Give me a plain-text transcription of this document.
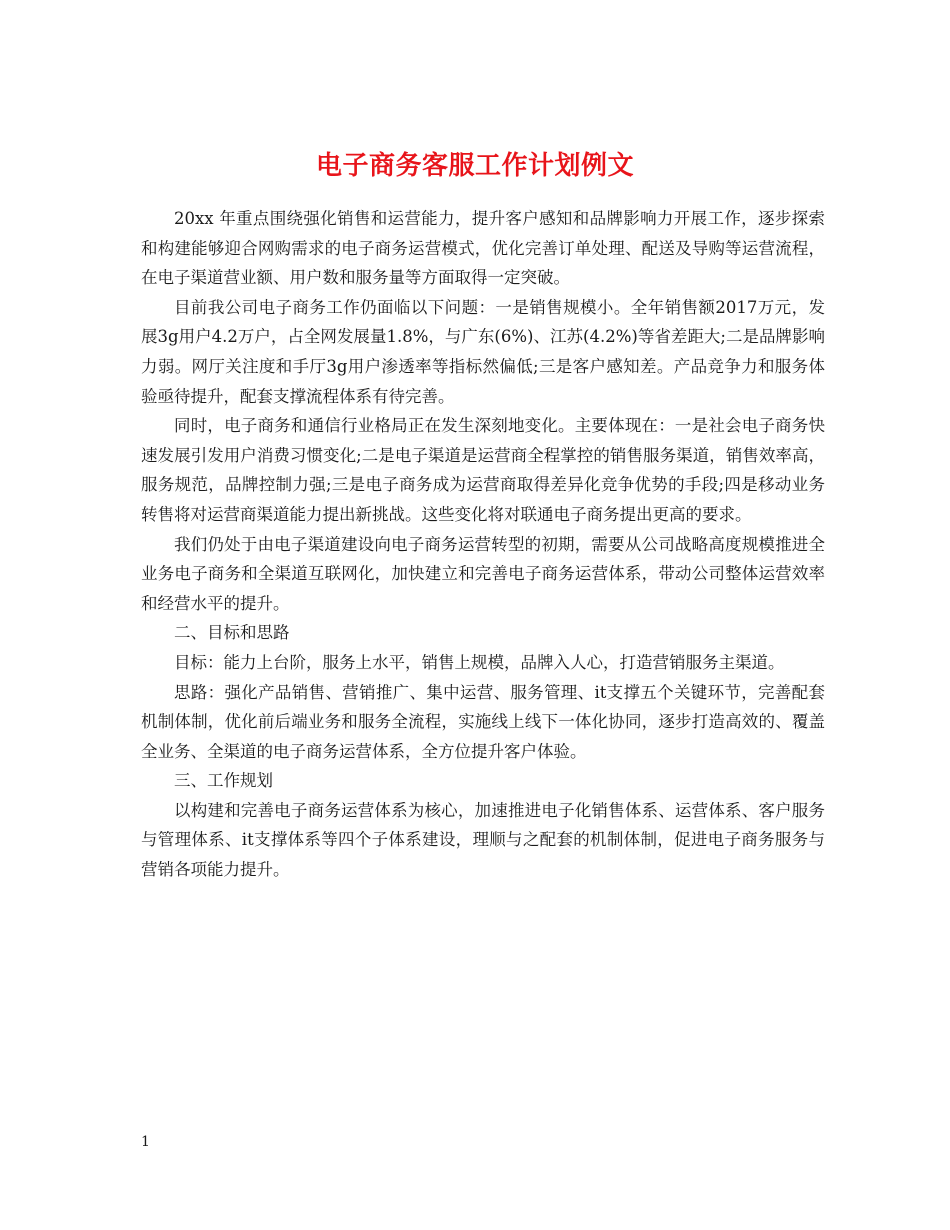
电子商务客服工作计划例文

20xx 年重点围绕强化销售和运营能力，提升客户感知和品牌影响力开展工作，逐步探索和构建能够迎合网购需求的电子商务运营模式，优化完善订单处理、配送及导购等运营流程，在电子渠道营业额、用户数和服务量等方面取得一定突破。

目前我公司电子商务工作仍面临以下问题：一是销售规模小。全年销售额2017万元，发展3g用户4.2万户，占全网发展量1.8%，与广东(6%)、江苏(4.2%)等省差距大;二是品牌影响力弱。网厅关注度和手厅3g用户渗透率等指标然偏低;三是客户感知差。产品竞争力和服务体验亟待提升，配套支撑流程体系有待完善。

同时，电子商务和通信行业格局正在发生深刻地变化。主要体现在：一是社会电子商务快速发展引发用户消费习惯变化;二是电子渠道是运营商全程掌控的销售服务渠道，销售效率高，服务规范，品牌控制力强;三是电子商务成为运营商取得差异化竞争优势的手段;四是移动业务转售将对运营商渠道能力提出新挑战。这些变化将对联通电子商务提出更高的要求。

我们仍处于由电子渠道建设向电子商务运营转型的初期，需要从公司战略高度规模推进全业务电子商务和全渠道互联网化，加快建立和完善电子商务运营体系，带动公司整体运营效率和经营水平的提升。

二、目标和思路

目标：能力上台阶，服务上水平，销售上规模，品牌入人心，打造营销服务主渠道。

思路：强化产品销售、营销推广、集中运营、服务管理、it支撑五个关键环节，完善配套机制体制，优化前后端业务和服务全流程，实施线上线下一体化协同，逐步打造高效的、覆盖全业务、全渠道的电子商务运营体系，全方位提升客户体验。

三、工作规划

以构建和完善电子商务运营体系为核心，加速推进电子化销售体系、运营体系、客户服务与管理体系、it支撑体系等四个子体系建设，理顺与之配套的机制体制，促进电子商务服务与营销各项能力提升。

1
